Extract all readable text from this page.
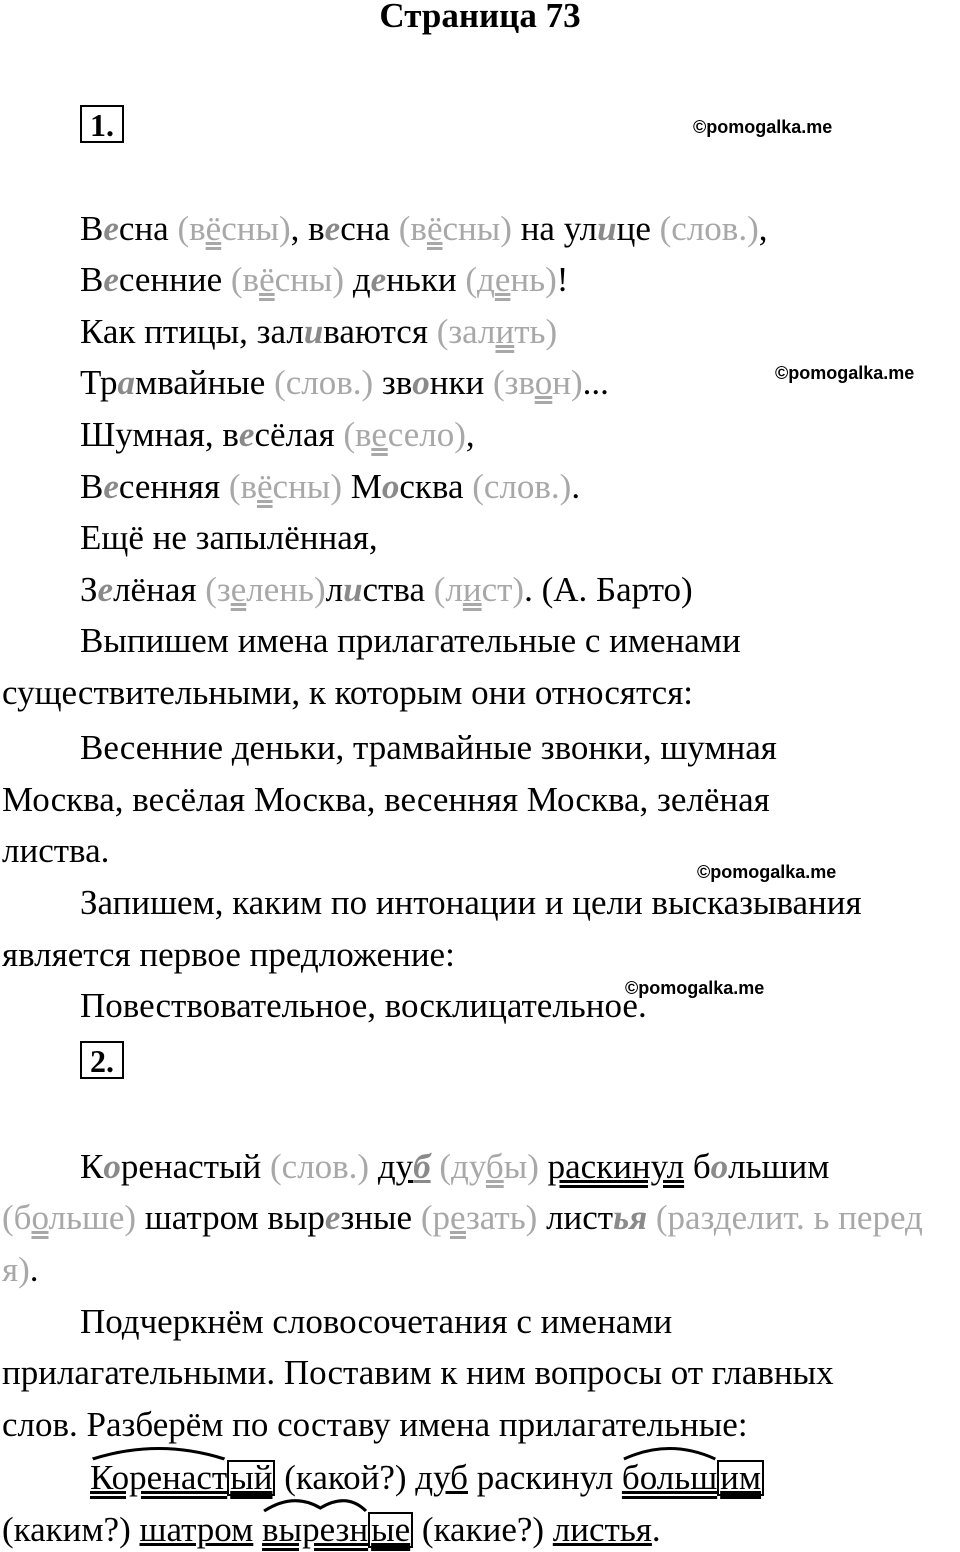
Страница 73
1.	©pomogalka.me
Весна (вёсны), весна (вёсны) на улице (слов.),
Весенние (вёсны) деньки (день)!
Как птицы, заливаются (залить)
Трамвайные (слов.) звонки (звон)...	©pomogalka.me
Шумная, весёлая (весело),
Весенняя (вёсны) Москва (слов.).
Ещё не запылённая,
Зелёная (зелень)листва (лист). (А. Барто)
Выпишем имена прилагательные с именами
существительными, к которым они относятся:
Весенние деньки, трамвайные звонки, шумная
Москва, весёлая Москва, весенняя Москва, зелёная
листва.
©pomogalka.me
Запишем, каким по интонации и цели высказывания
является первое предложение:
Повествовательное, восклицательное.
©pomogalka.me
2.
Коренастый (слов.) дуб (дубы) раскинул большим
(больше) шатром вырезные (резать) листья (разделит. ь перед
я).
Подчеркнём словосочетания с именами
прилагательными. Поставим к ним вопросы от главных
слов. Разберём по составу имена прилагательные:
Коренастый (какой?) дуб раскинул большим
(каким?) шатром вырезные (какие?) листья.
